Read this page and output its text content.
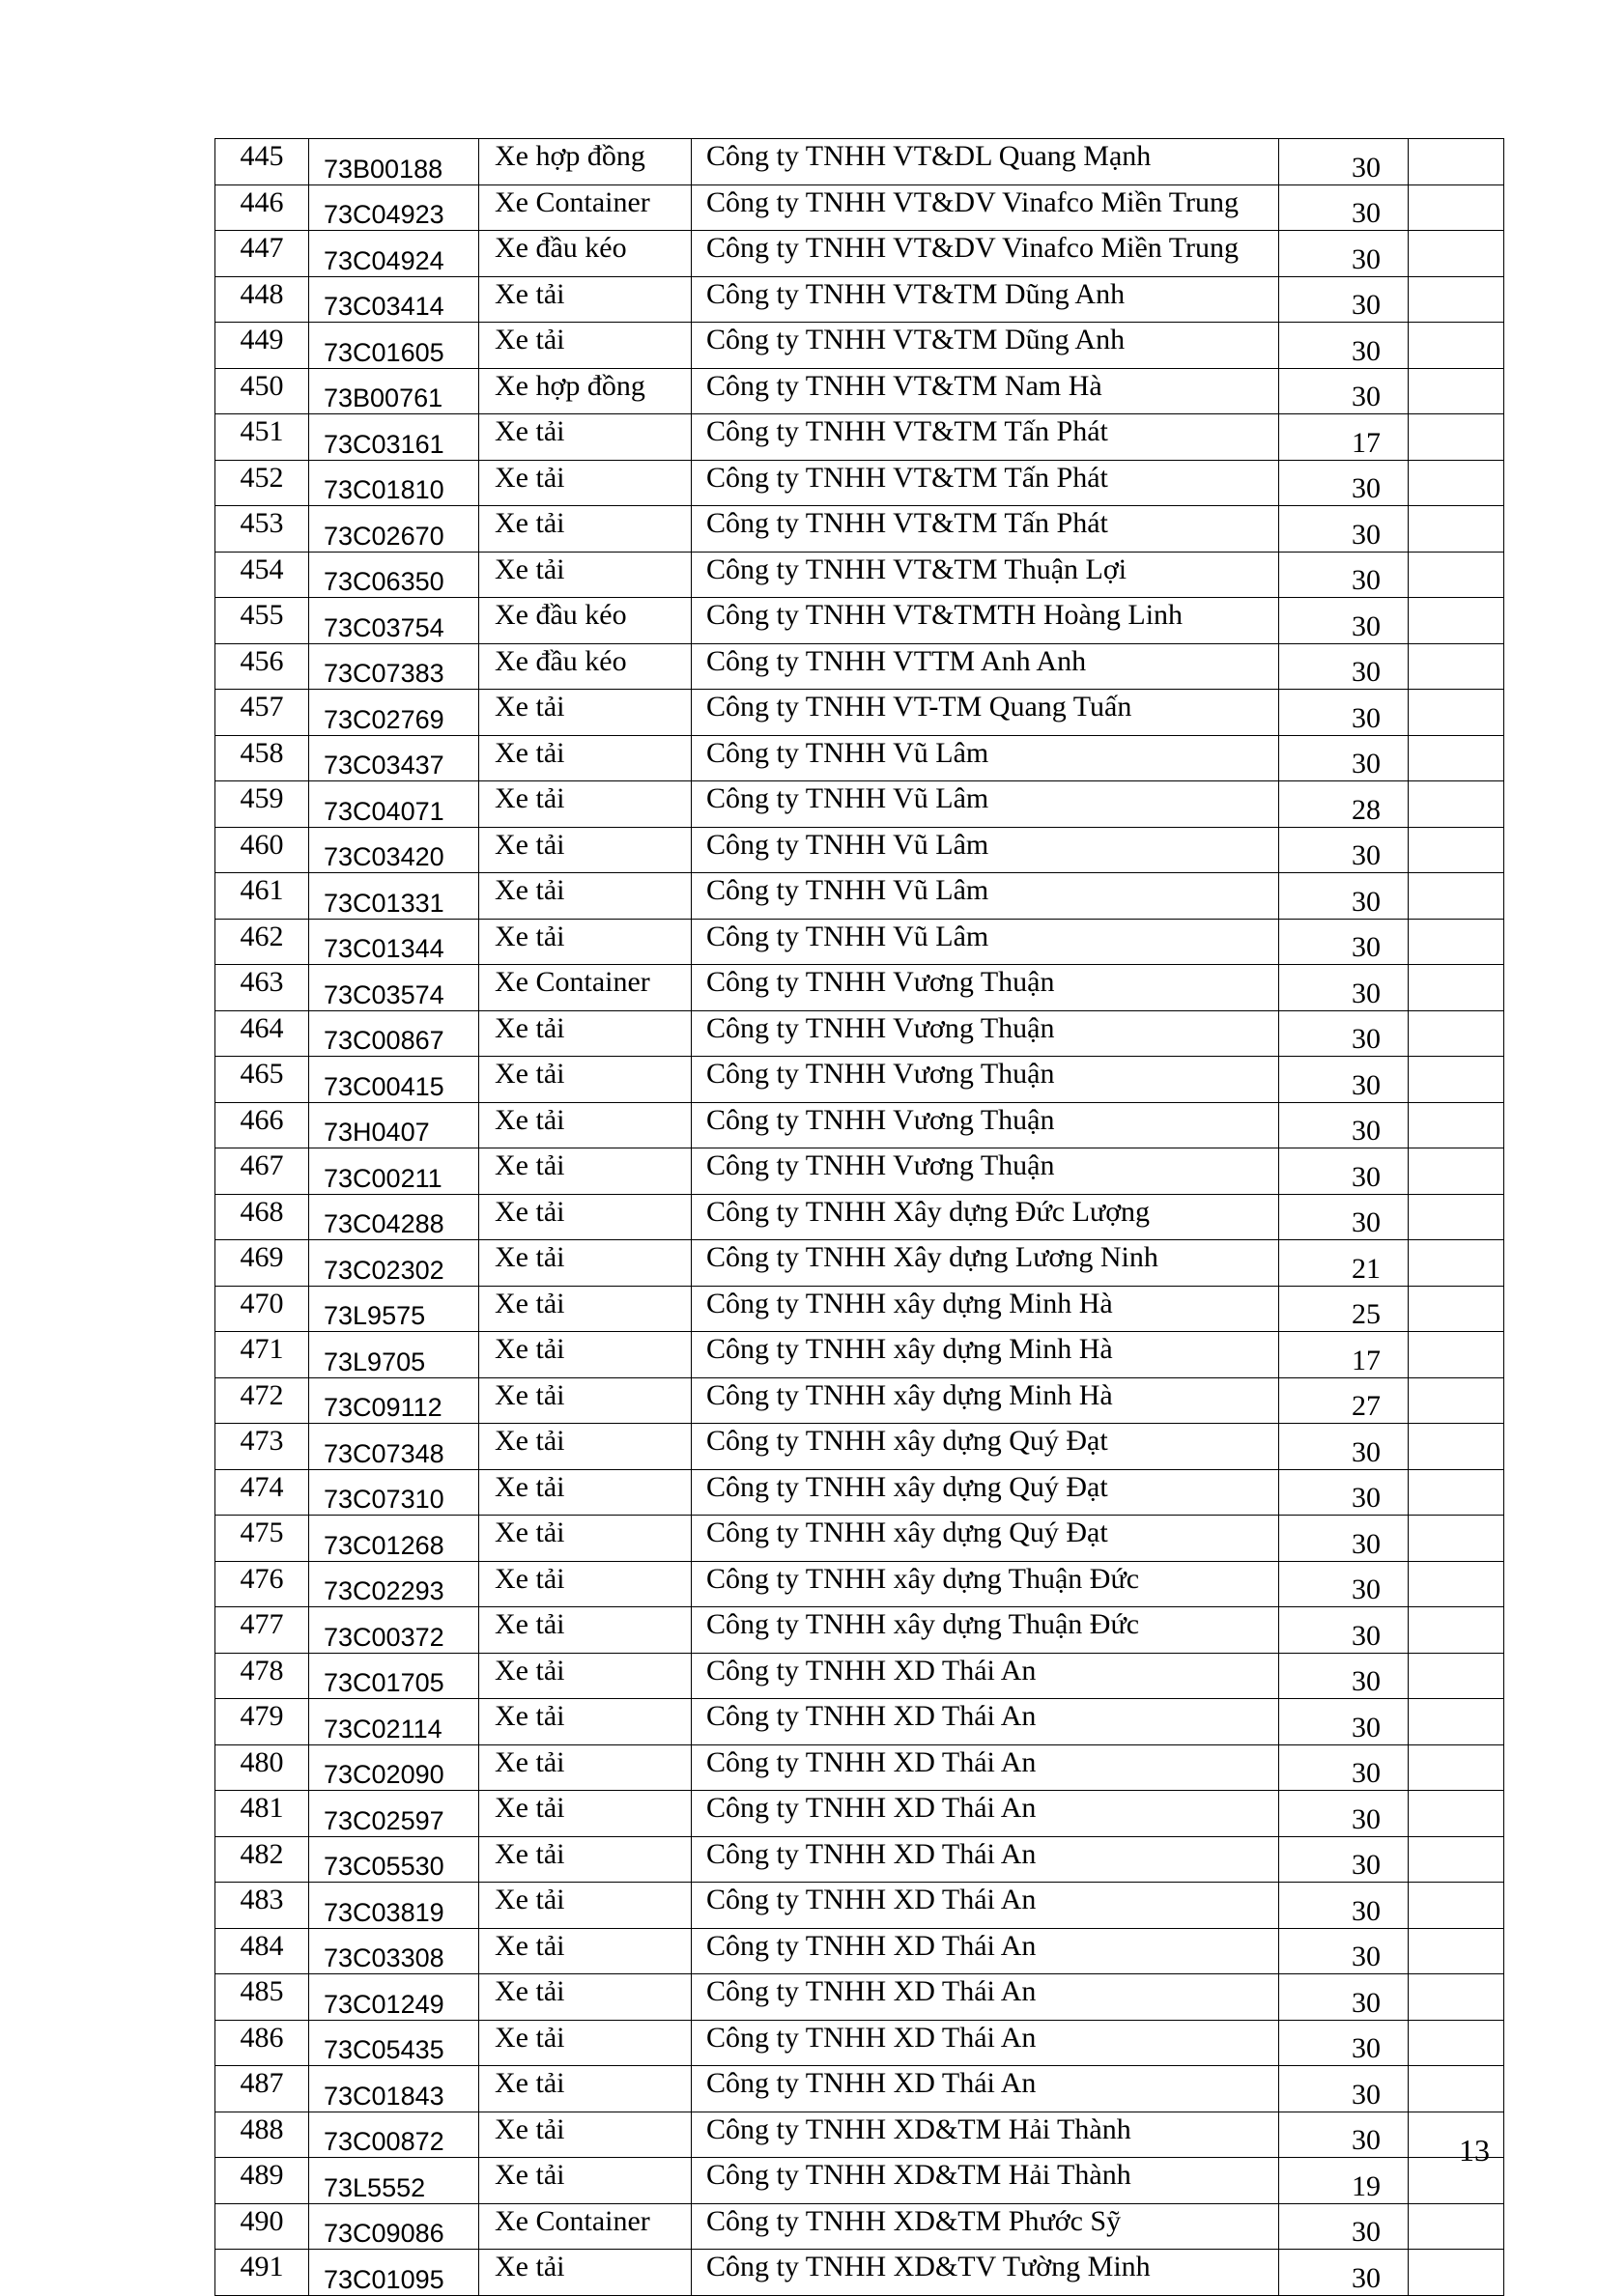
445	73B00188	Xe hợp đồng	Công ty TNHH VT&DL Quang Mạnh	30	
446	73C04923	Xe Container	Công ty TNHH VT&DV Vinafco Miền Trung	30	
447	73C04924	Xe đầu kéo	Công ty TNHH VT&DV Vinafco Miền Trung	30	
448	73C03414	Xe tải	Công ty TNHH VT&TM Dũng Anh	30	
449	73C01605	Xe tải	Công ty TNHH VT&TM Dũng Anh	30	
450	73B00761	Xe hợp đồng	Công ty TNHH VT&TM Nam Hà	30	
451	73C03161	Xe tải	Công ty TNHH VT&TM Tấn Phát	17	
452	73C01810	Xe tải	Công ty TNHH VT&TM Tấn Phát	30	
453	73C02670	Xe tải	Công ty TNHH VT&TM Tấn Phát	30	
454	73C06350	Xe tải	Công ty TNHH VT&TM Thuận Lợi	30	
455	73C03754	Xe đầu kéo	Công ty TNHH VT&TMTH Hoàng Linh	30	
456	73C07383	Xe đầu kéo	Công ty TNHH VTTM Anh Anh	30	
457	73C02769	Xe tải	Công ty TNHH VT-TM Quang Tuấn	30	
458	73C03437	Xe tải	Công ty TNHH Vũ Lâm	30	
459	73C04071	Xe tải	Công ty TNHH Vũ Lâm	28	
460	73C03420	Xe tải	Công ty TNHH Vũ Lâm	30	
461	73C01331	Xe tải	Công ty TNHH Vũ Lâm	30	
462	73C01344	Xe tải	Công ty TNHH Vũ Lâm	30	
463	73C03574	Xe Container	Công ty TNHH Vương Thuận	30	
464	73C00867	Xe tải	Công ty TNHH Vương Thuận	30	
465	73C00415	Xe tải	Công ty TNHH Vương Thuận	30	
466	73H0407	Xe tải	Công ty TNHH Vương Thuận	30	
467	73C00211	Xe tải	Công ty TNHH Vương Thuận	30	
468	73C04288	Xe tải	Công ty TNHH Xây dựng Đức Lượng	30	
469	73C02302	Xe tải	Công ty TNHH Xây dựng Lương Ninh	21	
470	73L9575	Xe tải	Công ty TNHH xây dựng Minh Hà	25	
471	73L9705	Xe tải	Công ty TNHH xây dựng Minh Hà	17	
472	73C09112	Xe tải	Công ty TNHH xây dựng Minh Hà	27	
473	73C07348	Xe tải	Công ty TNHH xây dựng Quý Đạt	30	
474	73C07310	Xe tải	Công ty TNHH xây dựng Quý Đạt	30	
475	73C01268	Xe tải	Công ty TNHH xây dựng Quý Đạt	30	
476	73C02293	Xe tải	Công ty TNHH xây dựng Thuận Đức	30	
477	73C00372	Xe tải	Công ty TNHH xây dựng Thuận Đức	30	
478	73C01705	Xe tải	Công ty TNHH XD Thái An	30	
479	73C02114	Xe tải	Công ty TNHH XD Thái An	30	
480	73C02090	Xe tải	Công ty TNHH XD Thái An	30	
481	73C02597	Xe tải	Công ty TNHH XD Thái An	30	
482	73C05530	Xe tải	Công ty TNHH XD Thái An	30	
483	73C03819	Xe tải	Công ty TNHH XD Thái An	30	
484	73C03308	Xe tải	Công ty TNHH XD Thái An	30	
485	73C01249	Xe tải	Công ty TNHH XD Thái An	30	
486	73C05435	Xe tải	Công ty TNHH XD Thái An	30	
487	73C01843	Xe tải	Công ty TNHH XD Thái An	30	
488	73C00872	Xe tải	Công ty TNHH XD&TM Hải Thành	30	
489	73L5552	Xe tải	Công ty TNHH XD&TM Hải Thành	19	
490	73C09086	Xe Container	Công ty TNHH XD&TM Phước Sỹ	30	
491	73C01095	Xe tải	Công ty TNHH XD&TV Tường Minh	30	
13
